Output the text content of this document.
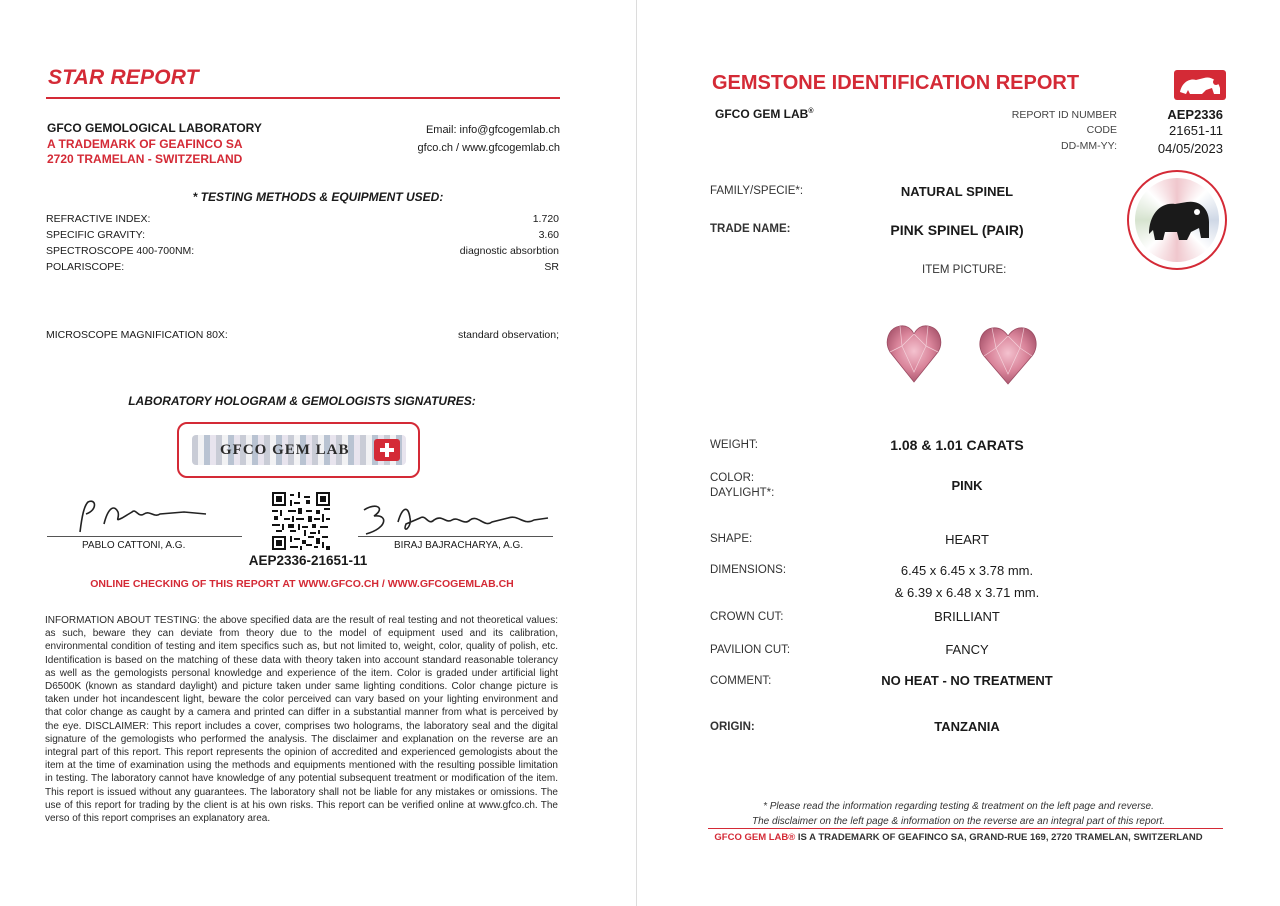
STAR REPORT
GFCO GEMOLOGICAL LABORATORY
A TRADEMARK OF GEAFINCO SA
2720 TRAMELAN - SWITZERLAND
Email: info@gfcogemlab.ch
gfco.ch / www.gfcogemlab.ch
* TESTING METHODS & EQUIPMENT USED:
REFRACTIVE INDEX:	1.720
SPECIFIC GRAVITY:	3.60
SPECTROSCOPE 400-700NM:	diagnostic absorbtion
POLARISCOPE:	SR
MICROSCOPE MAGNIFICATION 80X:	standard observation;
LABORATORY HOLOGRAM & GEMOLOGISTS SIGNATURES:
GFCO GEM LAB
PABLO CATTONI, A.G.	BIRAJ BAJRACHARYA, A.G.
AEP2336-21651-11
ONLINE CHECKING OF THIS REPORT AT WWW.GFCO.CH / WWW.GFCOGEMLAB.CH
INFORMATION ABOUT TESTING: the above specified data are the result of real testing and not theoretical values: as such, beware they can deviate from theory due to the model of equipment used and its calibration, environmental condition of testing and item specifics such as, but not limited to, weight, color, quality of polish, etc. Identification is based on the matching of these data with theory taken into account standard reasonable tolerancy as well as the gemologists personal knowledge and experience of the item. Color is graded under artificial light D6500K (known as standard daylight) and picture taken under same lighting conditions. Color change picture is taken under hot incandescent light, beware the color perceived can vary based on your lighting environment and that color change as caught by a camera and printed can differ in a substantial manner from what is perceived by the eye. DISCLAIMER: This report includes a cover, comprises two holograms, the laboratory seal and the digital signature of the gemologists who performed the analysis. The disclaimer and explanation on the reverse are an integral part of this report. This report represents the opinion of accredited and experienced gemologists about the item at the time of examination using the methods and equipments mentioned with the resulting possible limitation in testing. The laboratory cannot have knowledge of any potential subsequent treatment or modification of the item. This report is issued without any guarantees. The laboratory shall not be liable for any mistakes or omissions. The use of this report for trading by the client is at his own risks. This report can be verified online at www.gfco.ch. The verso of this report comprises an explanatory area.
GEMSTONE IDENTIFICATION REPORT
GFCO GEM LAB®	REPORT ID NUMBER	AEP2336
CODE	21651-11
DD-MM-YY:	04/05/2023
FAMILY/SPECIE*:	NATURAL SPINEL
TRADE NAME:	PINK SPINEL (PAIR)
ITEM PICTURE:
WEIGHT:	1.08 & 1.01 CARATS
COLOR:
DAYLIGHT*:	PINK
SHAPE:	HEART
DIMENSIONS:	6.45 x 6.45 x 3.78 mm.
& 6.39 x 6.48 x 3.71 mm.
CROWN CUT:	BRILLIANT
PAVILION CUT:	FANCY
COMMENT:	NO HEAT - NO TREATMENT
ORIGIN:	TANZANIA
* Please read the information regarding testing & treatment on the left page and reverse.
The disclaimer on the left page & information on the reverse are an integral part of this report.
GFCO GEM LAB® IS A TRADEMARK OF GEAFINCO SA, GRAND-RUE 169, 2720 TRAMELAN, SWITZERLAND
